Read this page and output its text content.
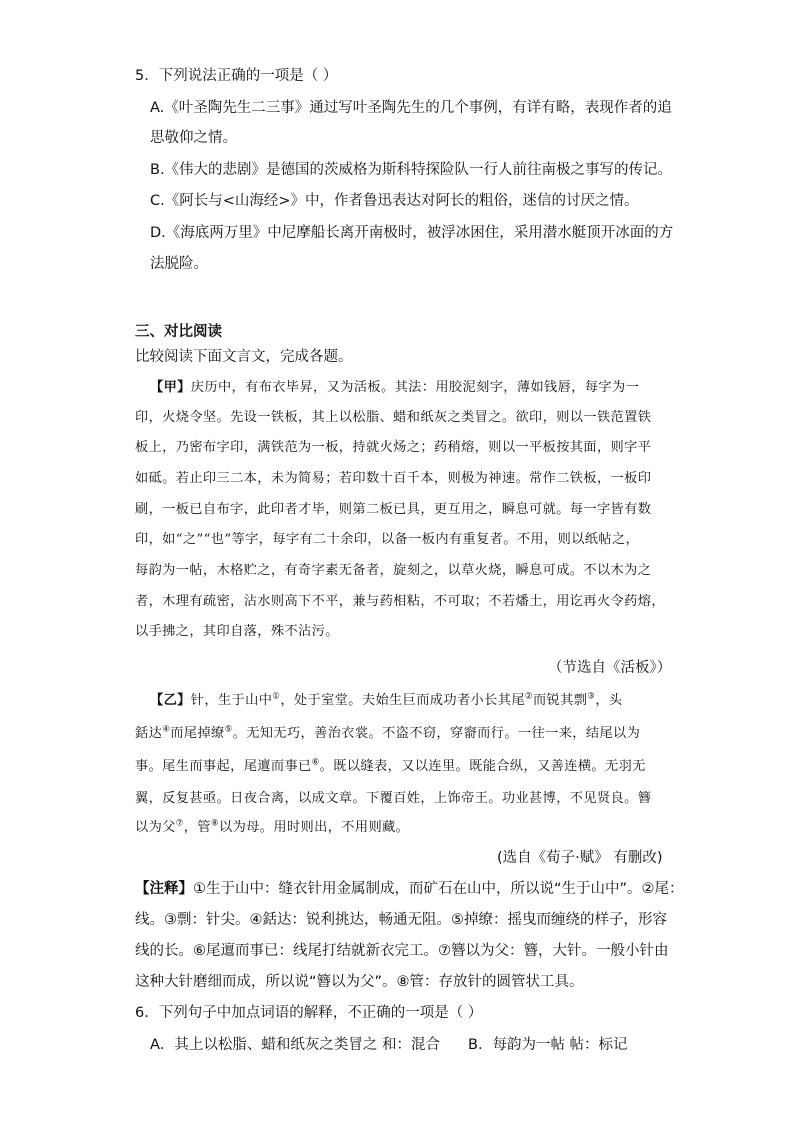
5．下列说法正确的一项是（ ）
A.《叶圣陶先生二三事》通过写叶圣陶先生的几个事例，有详有略，表现作者的追
思敬仰之情。
B.《伟大的悲剧》是德国的茨威格为斯科特探险队一行人前往南极之事写的传记。
C.《阿长与<山海经>》中，作者鲁迅表达对阿长的粗俗，迷信的讨厌之情。
D.《海底两万里》中尼摩船长离开南极时，被浮冰困住，采用潜水艇顶开冰面的方
法脱险。
三、对比阅读
比较阅读下面文言文，完成各题。
【甲】庆历中，有布衣毕昇，又为活板。其法：用胶泥刻字，薄如钱唇，每字为一
印，火烧令坚。先设一铁板，其上以松脂、蜡和纸灰之类冒之。欲印，则以一铁范置铁
板上，乃密布字印，满铁范为一板，持就火炀之；药稍熔，则以一平板按其面，则字平
如砥。若止印三二本，未为简易；若印数十百千本，则极为神速。常作二铁板，一板印
刷，一板已自布字，此印者才毕，则第二板已具，更互用之，瞬息可就。每一字皆有数
印，如“之”“也”等字，每字有二十余印，以备一板内有重复者。不用，则以纸帖之，
每韵为一帖，木格贮之，有奇字素无备者，旋刻之，以草火烧，瞬息可成。不以木为之
者，木理有疏密，沾水则高下不平，兼与药相粘，不可取；不若燔土，用讫再火令药熔，
以手拂之，其印自落，殊不沾污。
（节选自《活板》）
【乙】针，生于山中①，处于室堂。夫始生巨而成功者小长其尾②而锐其剽③，头
銛达④而尾掉缭⑤。无知无巧，善治衣裳。不盗不窃，穿窬而行。一往一来，结尾以为
事。尾生而事起，尾邅而事已⑥。既以缝表，又以连里。既能合纵，又善连横。无羽无
翼，反复甚亟。日夜合离，以成文章。下覆百姓，上饰帝王。功业甚博，不见贤良。簪
以为父⑦，管⑧以为母。用时则出，不用则藏。
(选自《荀子·赋》 有删改)
【注释】①生于山中：缝衣针用金属制成，而矿石在山中，所以说“生于山中”。②尾：
线。③剽：针尖。④銛达：锐利挑达，畅通无阻。⑤掉缭：摇曳而缠绕的样子，形容
线的长。⑥尾邅而事已：线尾打结就新衣完工。⑦簪以为父：簪，大针。一般小针由
这种大针磨细而成，所以说“簪以为父”。⑧管：存放针的圆管状工具。
6．下列句子中加点词语的解释，不正确的一项是（ ）
A．其上以松脂、蜡和纸灰之类冒之 和：混合 B．每韵为一帖 帖：标记
